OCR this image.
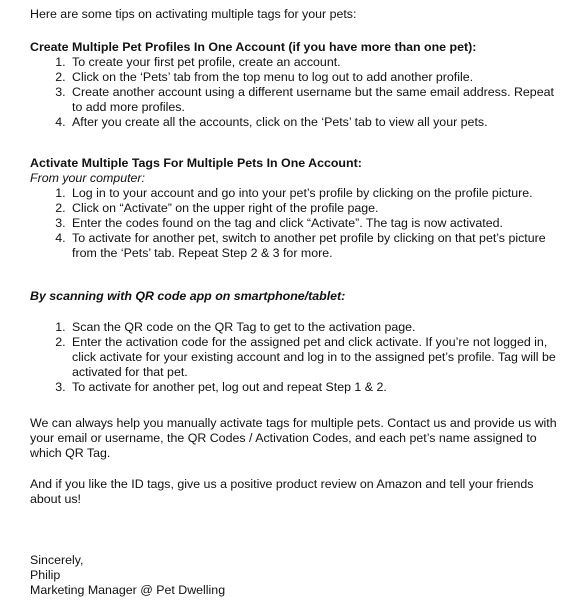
Here are some tips on activating multiple tags for your pets:

Create Multiple Pet Profiles In One Account (if you have more than one pet):

1. To create your first pet profile, create an account.
2. Click on the ‘Pets’ tab from the top menu to log out to add another profile.
3. Create another account using a different username but the same email address. Repeat to add more profiles.
4. After you create all the accounts, click on the ‘Pets’ tab to view all your pets.

Activate Multiple Tags For Multiple Pets In One Account:

From your computer:

1. Log in to your account and go into your pet’s profile by clicking on the profile picture.
2. Click on “Activate” on the upper right of the profile page.
3. Enter the codes found on the tag and click “Activate”. The tag is now activated.
4. To activate for another pet, switch to another pet profile by clicking on that pet’s picture from the ‘Pets’ tab. Repeat Step 2 & 3 for more.

By scanning with QR code app on smartphone/tablet:

1. Scan the QR code on the QR Tag to get to the activation page.
2. Enter the activation code for the assigned pet and click activate. If you’re not logged in, click activate for your existing account and log in to the assigned pet’s profile. Tag will be activated for that pet.
3. To activate for another pet, log out and repeat Step 1 & 2.

We can always help you manually activate tags for multiple pets. Contact us and provide us with your email or username, the QR Codes / Activation Codes, and each pet’s name assigned to which QR Tag.

And if you like the ID tags, give us a positive product review on Amazon and tell your friends about us!

Sincerely,

Philip

Marketing Manager @ Pet Dwelling
